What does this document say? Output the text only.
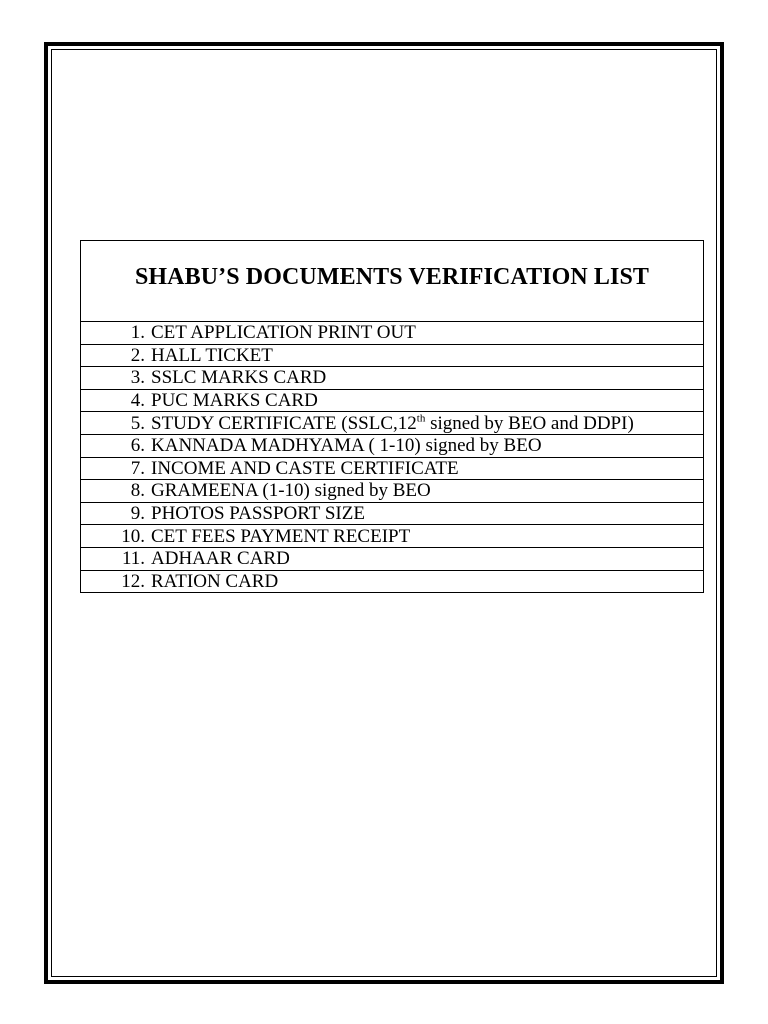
SHABU’S DOCUMENTS VERIFICATION LIST
1. CET APPLICATION PRINT OUT
2. HALL TICKET
3. SSLC MARKS CARD
4. PUC MARKS CARD
5. STUDY CERTIFICATE (SSLC,12th signed by BEO and DDPI)
6. KANNADA MADHYAMA ( 1-10) signed by BEO
7. INCOME AND CASTE CERTIFICATE
8. GRAMEENA (1-10) signed by BEO
9. PHOTOS PASSPORT SIZE
10. CET FEES PAYMENT RECEIPT
11. ADHAAR CARD
12. RATION CARD
